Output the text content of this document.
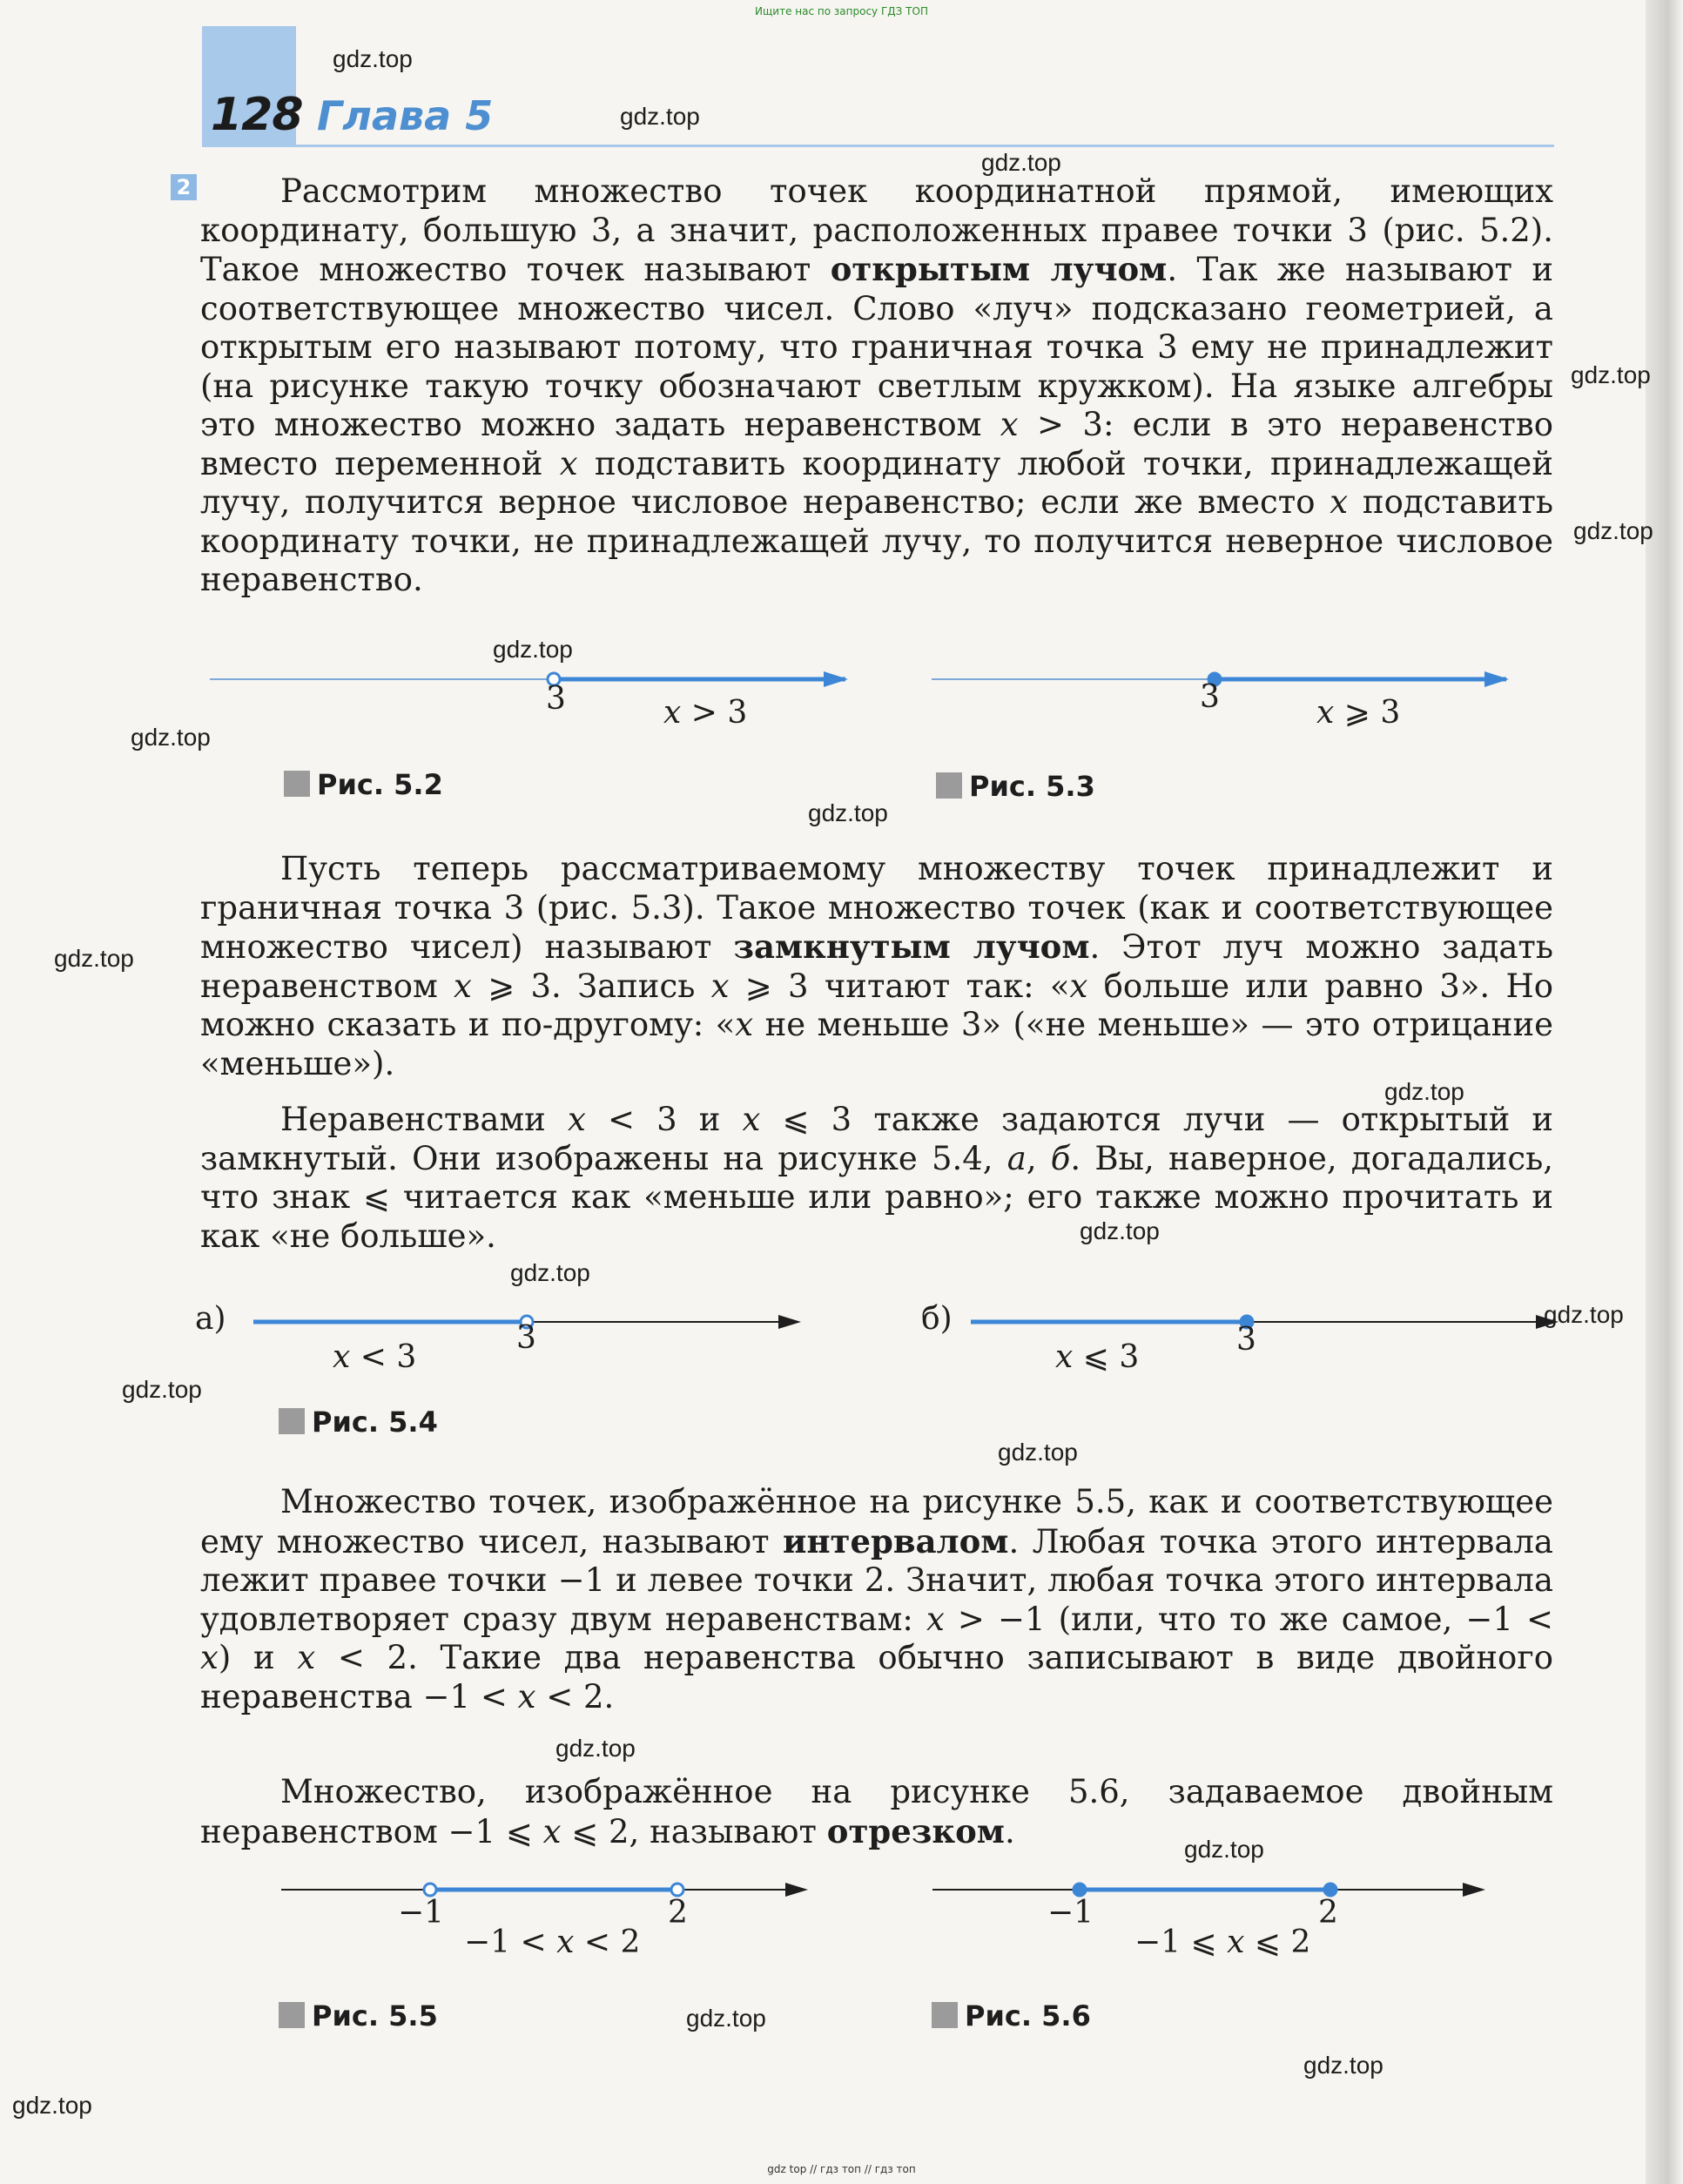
Ищите нас по запросу ГДЗ ТОП
128 Глава 5
2	Рассмотрим множество точек координатной прямой, имеющих координату, большую 3, а значит, расположенных правее точки 3 (рис. 5.2). Такое множество точек называют открытым лучом. Так же называют и соответствующее множество чисел. Слово «луч» подсказано геометрией, а открытым его называют потому, что граничная точка 3 ему не принадлежит (на рисунке такую точку обозначают светлым кружком). На языке алгебры это множество можно задать неравенством x > 3: если в это неравенство вместо переменной x подставить координату любой точки, принадлежащей лучу, получится верное числовое неравенство; если же вместо x подставить координату точки, не принадлежащей лучу, то получится неверное числовое неравенство.
3	x > 3
Рис. 5.2
3	x ⩾ 3
Рис. 5.3
Пусть теперь рассматриваемому множеству точек принадлежит и граничная точка 3 (рис. 5.3). Такое множество точек (как и соответствующее множество чисел) называют замкнутым лучом. Этот луч можно задать неравенством x ⩾ 3. Запись x ⩾ 3 читают так: «x больше или равно 3». Но можно сказать и по-другому: «x не меньше 3» («не меньше» — это отрицание «меньше»).
Неравенствами x < 3 и x ⩽ 3 также задаются лучи — открытый и замкнутый. Они изображены на рисунке 5.4, а, б. Вы, наверное, догадались, что знак ⩽ читается как «меньше или равно»; его также можно прочитать и как «не больше».
а)
3
x < 3
б)
3
x ⩽ 3
Рис. 5.4
Множество точек, изображённое на рисунке 5.5, как и соответствующее ему множество чисел, называют интервалом. Любая точка этого интервала лежит правее точки −1 и левее точки 2. Значит, любая точка этого интервала удовлетворяет сразу двум неравенствам: x > −1 (или, что то же самое, −1 < x) и x < 2. Такие два неравенства обычно записывают в виде двойного неравенства −1 < x < 2.
Множество, изображённое на рисунке 5.6, задаваемое двойным неравенством −1 ⩽ x ⩽ 2, называют отрезком.
−1	2
−1 < x < 2
Рис. 5.5
−1	2
−1 ⩽ x ⩽ 2
Рис. 5.6
gdz.top
gdz.top
gdz.top
gdz.top
gdz.top
gdz.top
gdz.top
gdz.top
gdz.top
gdz.top
gdz.top
gdz.top
gdz.top
gdz.top
gdz.top
gdz.top
gdz.top
gdz.top
gdz.top
gdz.top
gdz top // гдз топ // гдз топ
